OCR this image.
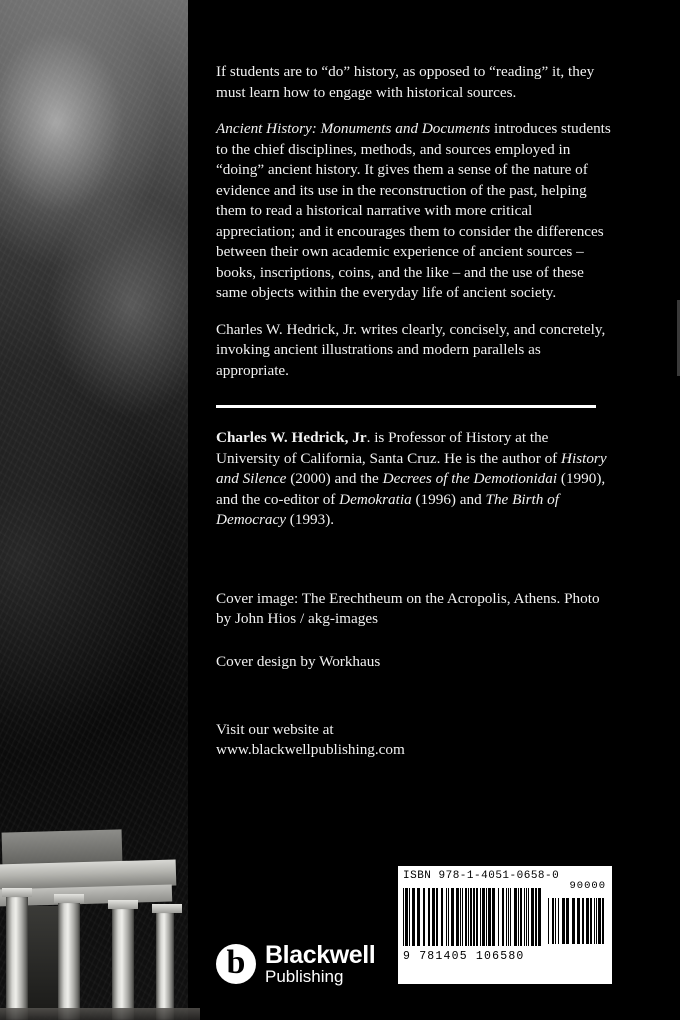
If students are to “do” history, as opposed to “reading” it, they must learn how to engage with historical sources.

Ancient History: Monuments and Documents introduces students to the chief disciplines, methods, and sources employed in “doing” ancient history. It gives them a sense of the nature of evidence and its use in the reconstruction of the past, helping them to read a historical narrative with more critical appreciation; and it encourages them to consider the differences between their own academic experience of ancient sources – books, inscriptions, coins, and the like – and the use of these same objects within the everyday life of ancient society.

Charles W. Hedrick, Jr. writes clearly, concisely, and concretely, invoking ancient illustrations and modern parallels as appropriate.

Charles W. Hedrick, Jr. is Professor of History at the University of California, Santa Cruz. He is the author of History and Silence (2000) and the Decrees of the Demotionidai (1990), and the co-editor of Demokratia (1996) and The Birth of Democracy (1993).

Cover image: The Erechtheum on the Acropolis, Athens. Photo by John Hios / akg-images

Cover design by Workhaus

Visit our website at

www.blackwellpublishing.com

b Blackwell
Publishing
ISBN 978-1-4051-0658-0
90000
9 781405 106580
